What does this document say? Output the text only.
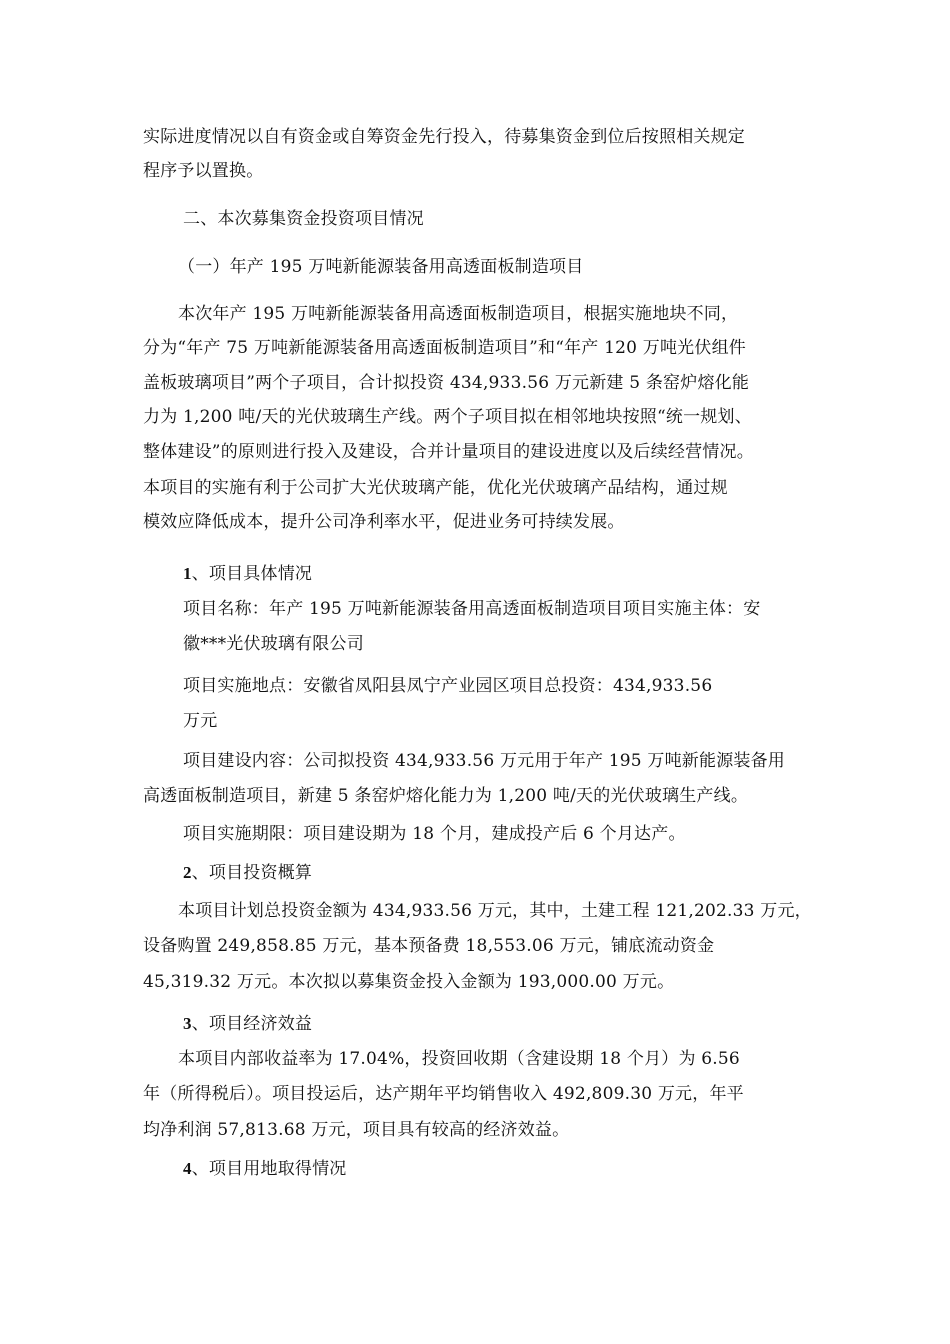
实际进度情况以自有资金或自筹资金先行投入，待募集资金到位后按照相关规定
程序予以置换。
二、本次募集资金投资项目情况
（一）年产 195 万吨新能源装备用高透面板制造项目
本次年产 195 万吨新能源装备用高透面板制造项目，根据实施地块不同，
分为“年产 75 万吨新能源装备用高透面板制造项目”和“年产 120 万吨光伏组件
盖板玻璃项目”两个子项目，合计拟投资 434,933.56 万元新建 5 条窑炉熔化能
力为 1,200 吨/天的光伏玻璃生产线。两个子项目拟在相邻地块按照“统一规划、
整体建设”的原则进行投入及建设，合并计量项目的建设进度以及后续经营情况。
本项目的实施有利于公司扩大光伏玻璃产能，优化光伏玻璃产品结构，通过规
模效应降低成本，提升公司净利率水平，促进业务可持续发展。
1、项目具体情况
项目名称：年产 195 万吨新能源装备用高透面板制造项目项目实施主体：安
徽***光伏玻璃有限公司
项目实施地点：安徽省凤阳县凤宁产业园区项目总投资：434,933.56
万元
项目建设内容：公司拟投资 434,933.56 万元用于年产 195 万吨新能源装备用
高透面板制造项目，新建 5 条窑炉熔化能力为 1,200 吨/天的光伏玻璃生产线。
项目实施期限：项目建设期为 18 个月，建成投产后 6 个月达产。
2、项目投资概算
本项目计划总投资金额为 434,933.56 万元，其中，土建工程 121,202.33 万元，
设备购置 249,858.85 万元，基本预备费 18,553.06 万元，铺底流动资金
45,319.32 万元。本次拟以募集资金投入金额为 193,000.00 万元。
3、项目经济效益
本项目内部收益率为 17.04%，投资回收期（含建设期 18 个月）为 6.56
年（所得税后）。项目投运后，达产期年平均销售收入 492,809.30 万元，年平
均净利润 57,813.68 万元，项目具有较高的经济效益。
4、项目用地取得情况
